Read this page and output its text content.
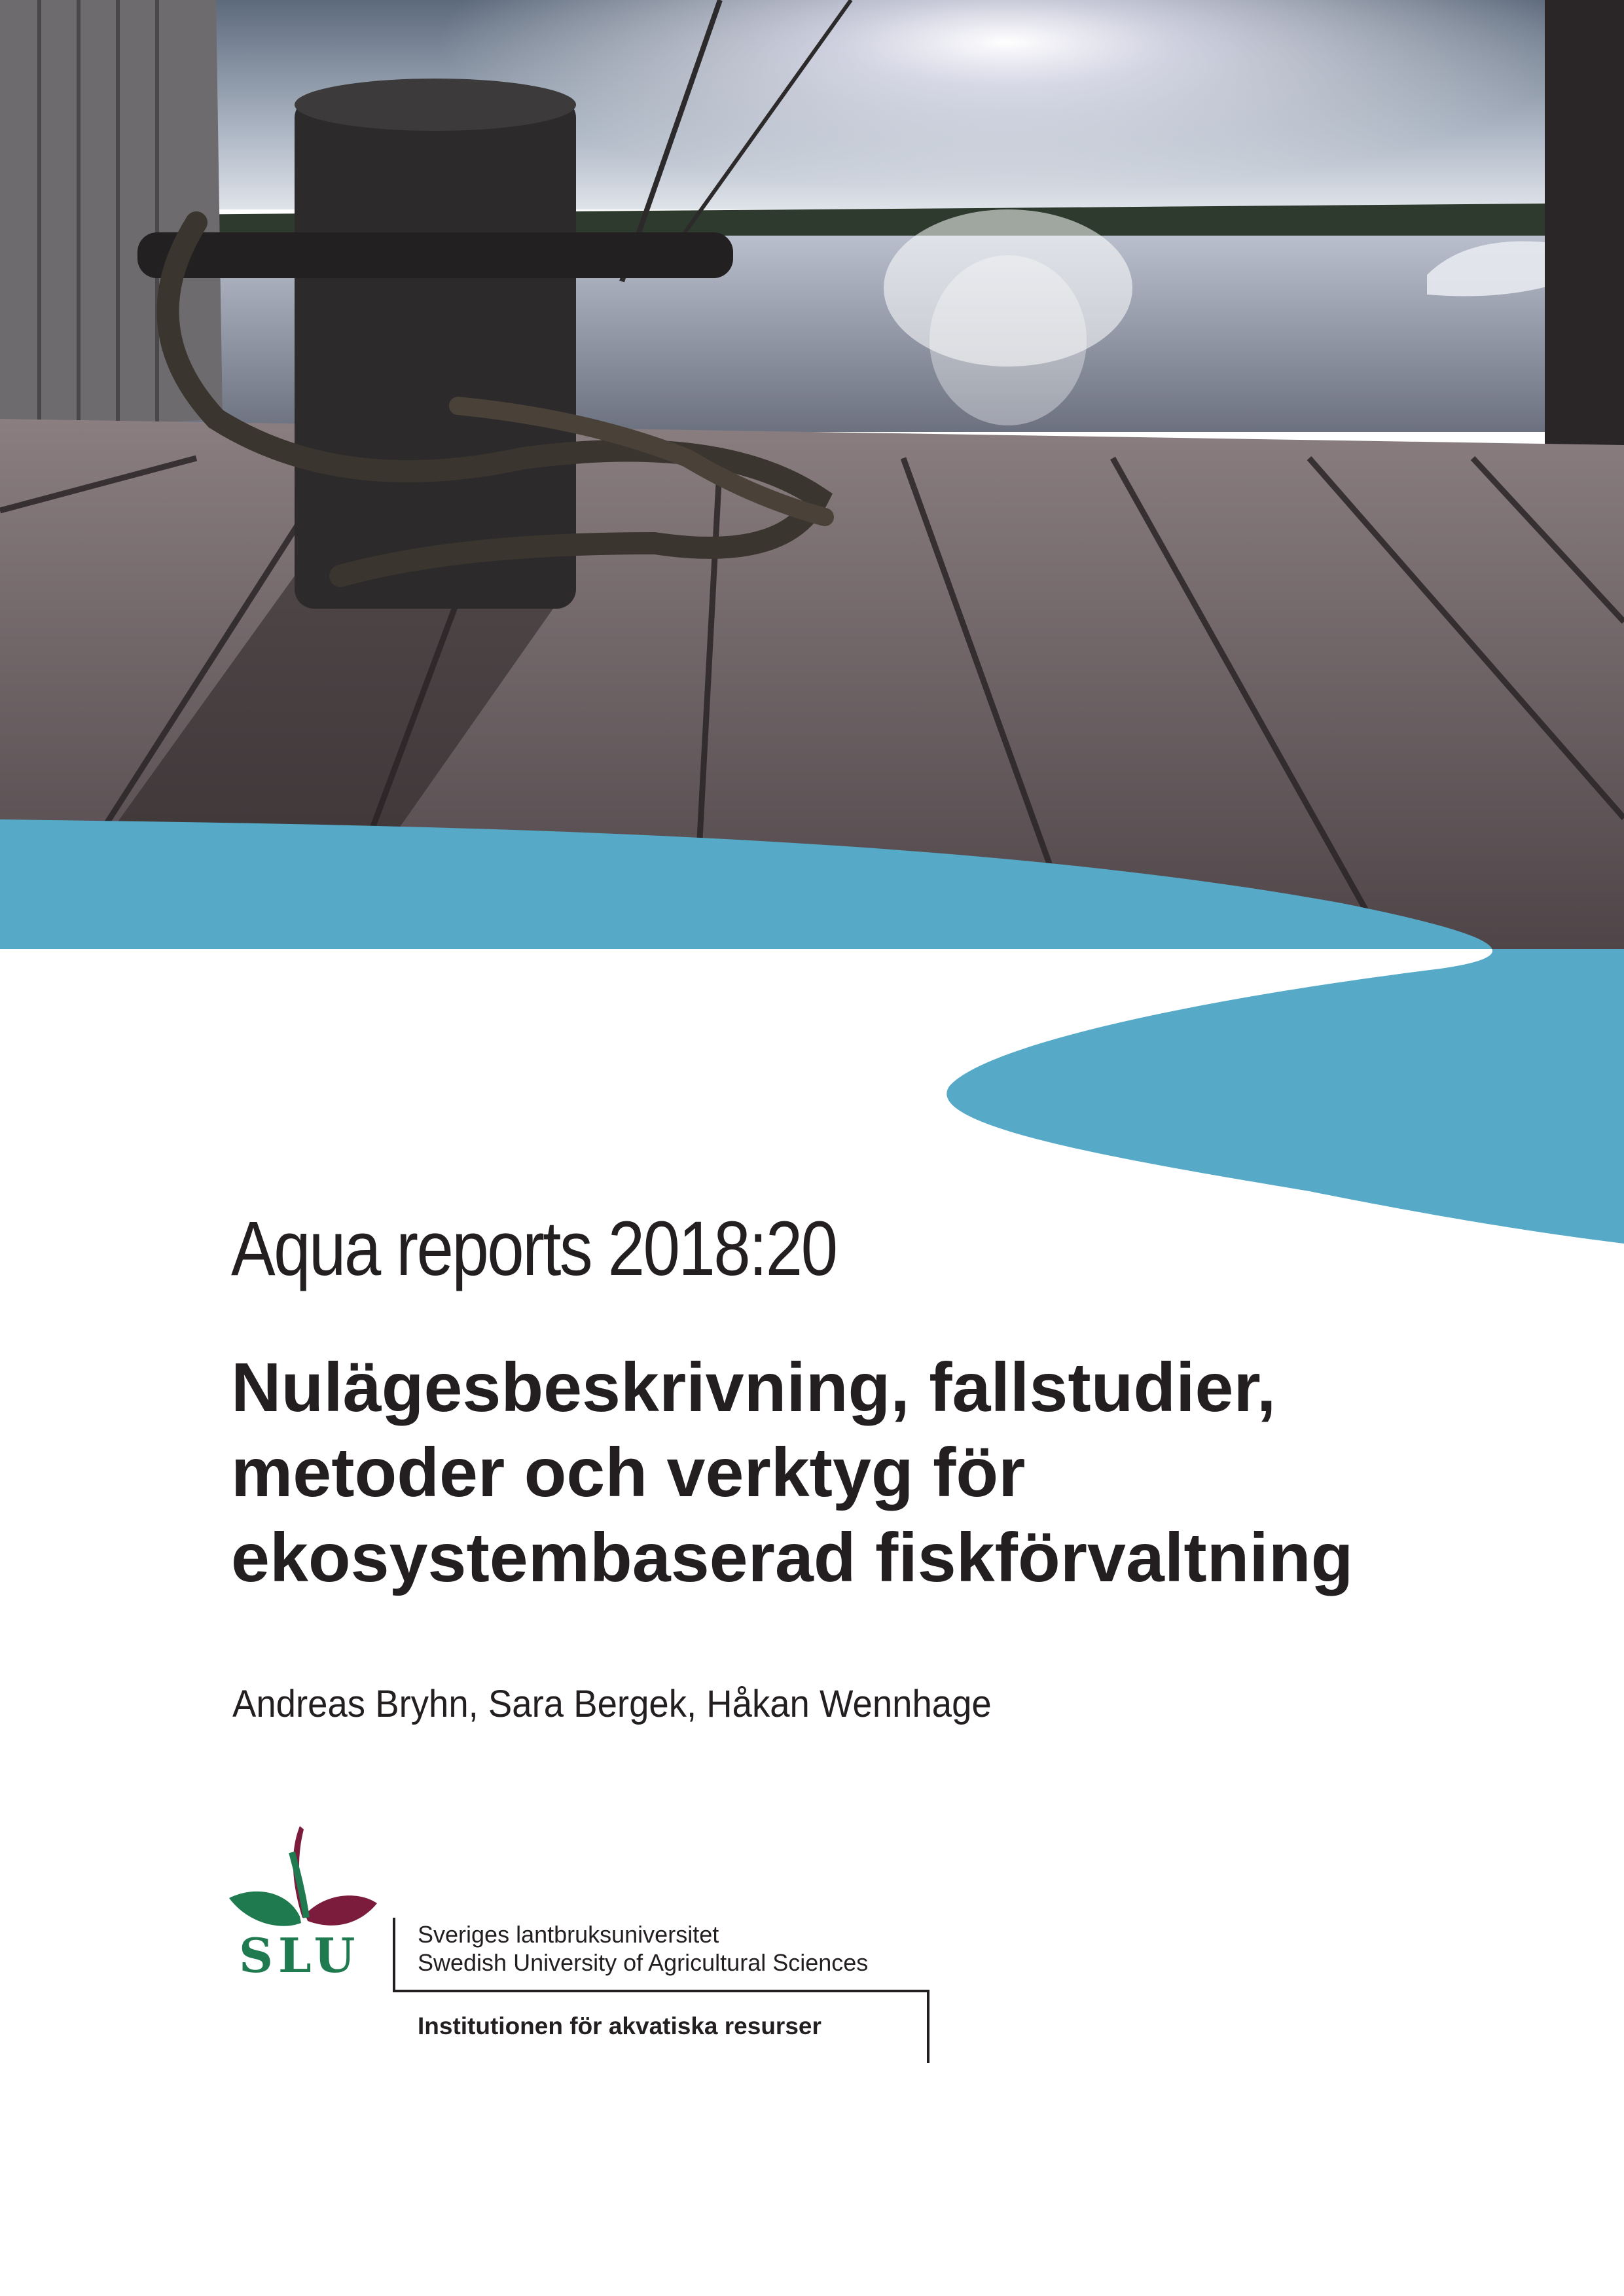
Aqua reports 2018:20
Nulägesbeskrivning, fallstudier,
metoder och verktyg för
ekosystembaserad fiskförvaltning
Andreas Bryhn, Sara Bergek, Håkan Wennhage
SLU Sveriges lantbruksuniversitet
Swedish University of Agricultural Sciences
Institutionen för akvatiska resurser
